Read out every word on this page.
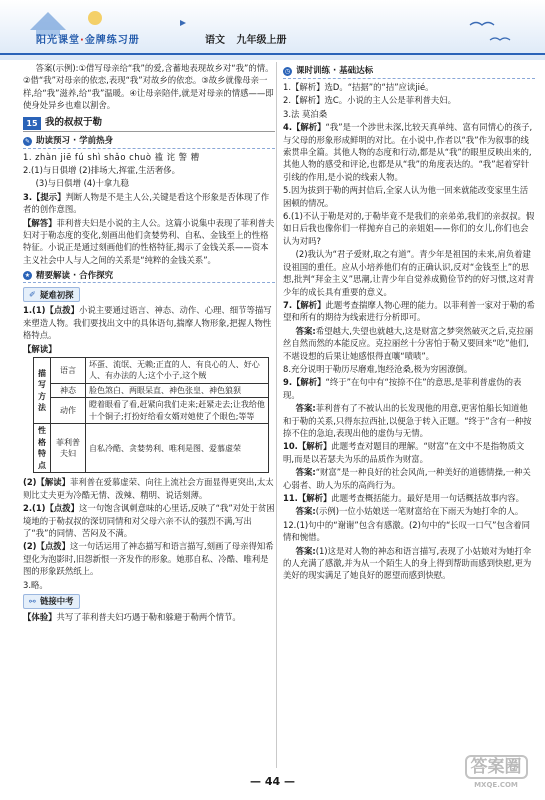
阳光课堂·金牌练习册	语文 九年级上册

答案(示例):①借写母亲给“我”的爱,含蓄地表现故乡对“我”的情。②借“我”对母亲的依恋,表现“我”对故乡的依恋。③故乡就像母亲一样,给“我”滋养,给“我”温暖。④让母亲陪伴,就是对母亲的情感——即使身处异乡也难以割舍。

15 我的叔叔于勒
✎ 助读预习 · 学前热身

1. zhàn jiē fú shì shǎo chuò 褴 诧 警 糟

2.(1)与日俱增 (2)排场大,挥霍,生活奢侈。

(3)与日俱增 (4)十拿九稳

3.【提示】判断人物是不是主人公,关键是看这个形象是否体现了作者的创作意图。

【解答】菲利普夫妇是小说的主人公。这篇小说集中表现了菲利普夫妇对于勒态度的变化,刻画出他们贪婪势利、自私、金钱至上的性格特征。小说正是通过刻画他们的性格特征,揭示了金钱关系——资本主义社会中人与人之间的关系是“纯粹的金钱关系”。

★ 精要解读 · 合作探究
✐ 疑难初探

1.(1)【点拨】小说主要通过语言、神态、动作、心理、细节等描写来塑造人物。我们要找出文中的具体语句,揣摩人物形象,把握人物性格特点。

【解读】

描写方法	语言	坏蛋、流氓、无赖;正直的人、有良心的人、好心人、有办法的人;这个小子,这个贼
	神态	脸色煞白、两眼呆直、神色张皇、神色狼狈
	动作	瞪着眼看了看,赶紧向我们走来;赶紧走去;让我给他十个铜子;打扮好给看女婿对她使了个眼色;等等
性格特点	菲利普夫妇	自私冷酷、贪婪势利、唯利是图、爱慕虚荣

(2)【解读】菲利普在爱慕虚荣、向往上流社会方面显得更突出,太太则比丈夫更为冷酷无情、泼辣、精明、说话刻薄。

2.(1)【点拨】这一句饱含讽刺意味的心里话,反映了“我”对处于贫困境地的于勒叔叔的深切同情和对父母六亲不认的强烈不满,写出了“我”的同情、苦闷及不满。

(2)【点拨】这一句话运用了神态描写和语言描写,刻画了母亲得知希望化为泡影时,旧怨新恨一齐发作的形象。她那自私、冷酷、唯利是图的形象跃然纸上。

3.略。

⚯ 链接中考

【体验】共写了菲利普夫妇巧遇于勒和躲避于勒两个情节。

◷ 课时训练 · 基础达标

1.【解析】选D。“拮据”的“拮”应读jié。

2.【解析】选C。小说的主人公是菲利普夫妇。

3.法 莫泊桑

4.【解析】“我”是一个涉世未深,比较天真单纯、富有同情心的孩子,与父母的形象形成鲜明的对比。在小说中,作者以“我”作为叙事的线索贯串全篇。其他人物的态度和行动,都是从“我”的眼里反映出来的,其他人物的感受和评论,也都是从“我”的角度表达的。“我”起着穿针引线的作用,是小说的线索人物。

5.因为拔到于勒的两封信后,全家人认为他一回来就能改变家里生活困顿的情况。

6.(1)不认于勒是对的,于勒毕竟不是我们的亲弟弟,我们的亲叔叔。假如日后我也像你们一样抛弃自己的亲姐姐——你们的女儿,你们也会认为对吗?

(2)我认为“君子爱财,取之有道”。青少年是祖国的未来,肩负着建设祖国的重任。应从小培养他们有的正确认识,反对“金钱至上”的思想,批判“拜金主义”思潮,让青少年自觉养成勤俭节约的好习惯,这对青少年的成长具有重要的意义。

7.【解析】此题考查揣摩人物心理的能力。以菲利普一家对于勒的希望和所有的期待为线索进行分析即可。

答案:希望越大,失望也就越大,这是财富之梦突然破灭之后,克拉丽丝自然而然的本能反应。克拉丽丝十分害怕于勒又要回来“吃”他们,不堪设想的后果让她感恨得直嚷“啧啧”。

8.充分说明于勒历尽磨难,饱经沧桑,极为穷困潦倒。

9.【解析】“终于”在句中有“按捺不住”的意思,是菲利普虚伪的表现。

答案:菲利普有了不被认出的长发现他的用意,更害怕船长知道他和于勒的关系,只得东拉西扯,以便急于转入正题。“终于”含有一种按捺不住的急迫,表现出他的虚伪与无情。

10.【解析】此题考查对题目的理解。“财富”在文中不是指物质文明,而是以若瑟夫为乐的品质作为财富。

答案:“财富”是一种良好的社会风尚,一种美好的道德情操,一种关心弱者、助人为乐的高尚行为。

11.【解析】此题考查概括能力。最好是用一句话概括故事内容。

答案:(示例)一位小姑娘送一笔财富给在下雨天为她打伞的人。

12.(1)句中的“谢谢”包含有感激。(2)句中的“长叹一口气”包含着同情和惋惜。

答案:(1)这是对人物的神态和语言描写,表现了小姑娘对为她打伞的人充满了感激,并为从一个陌生人的身上得到帮助而感到快慰,更为美好的现实满足了她良好的愿望而感到快慰。

— 44 —
答案圈
MXQE.COM
